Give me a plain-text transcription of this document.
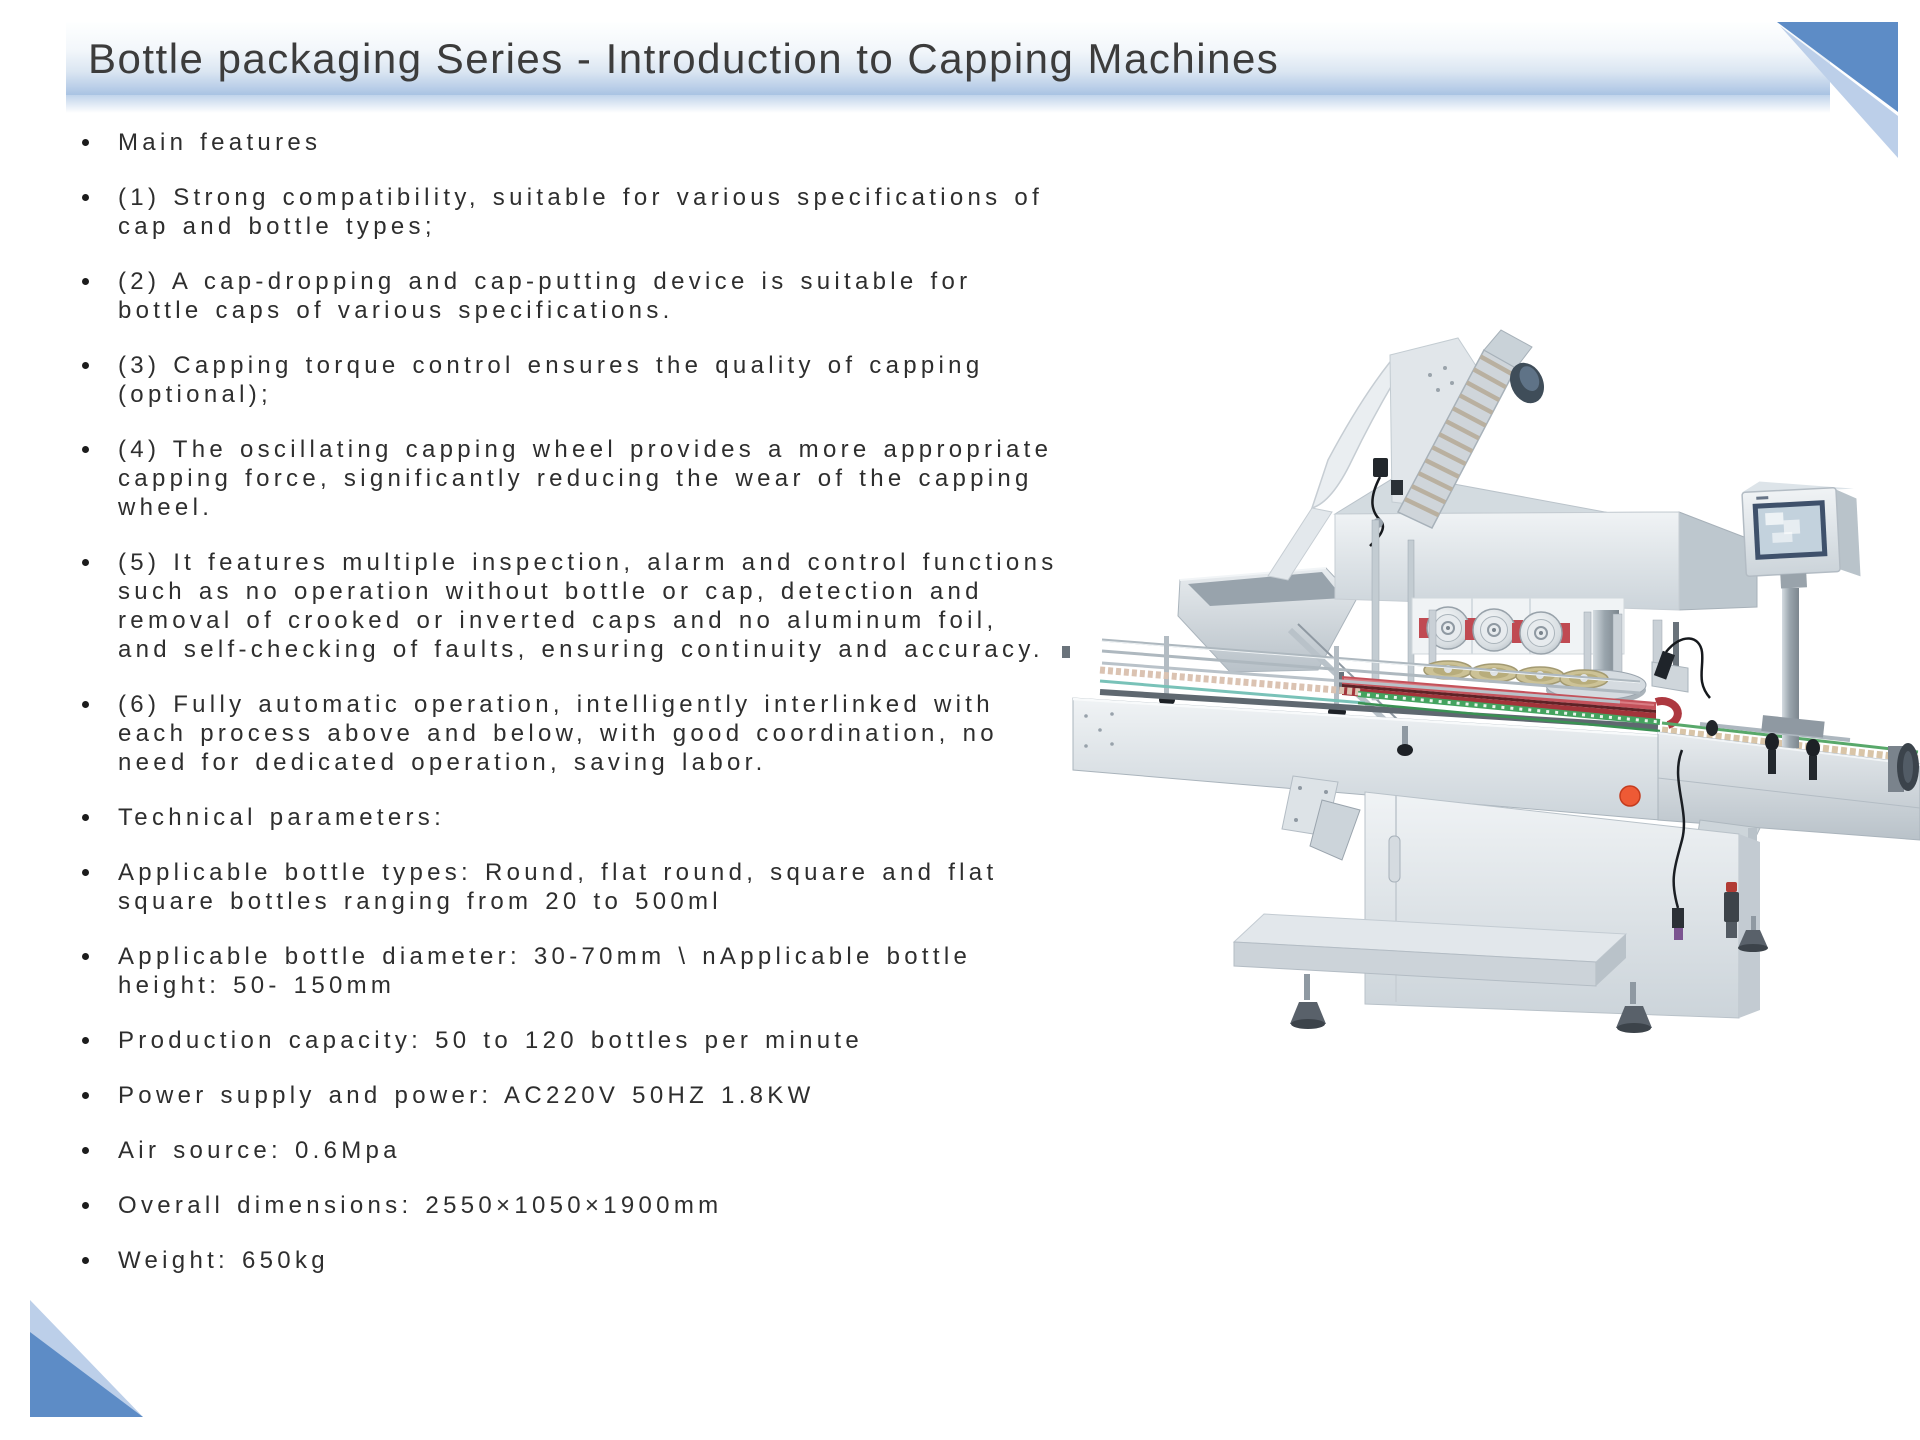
Bottle packaging Series - Introduction to Capping Machines
Main features
(1) Strong compatibility, suitable for various specifications of cap and bottle types;
(2) A cap-dropping and cap-putting device is suitable for bottle caps of various specifications.
(3) Capping torque control ensures the quality of capping (optional);
(4) The oscillating capping wheel provides a more appropriate capping force, significantly reducing the wear of the capping wheel.
(5) It features multiple inspection, alarm and control functions such as no operation without bottle or cap, detection and removal of crooked or inverted caps and no aluminum foil, and self-checking of faults, ensuring continuity and accuracy.
(6) Fully automatic operation, intelligently interlinked with each process above and below, with good coordination, no need for dedicated operation, saving labor.
Technical parameters:
Applicable bottle types: Round, flat round, square and flat square bottles ranging from 20 to 500ml
Applicable bottle diameter: 30-70mm \ nApplicable bottle height: 50- 150mm
Production capacity: 50 to 120 bottles per minute
Power supply and power: AC220V 50HZ 1.8KW
Air source: 0.6Mpa
Overall dimensions: 2550×1050×1900mm
Weight: 650kg
